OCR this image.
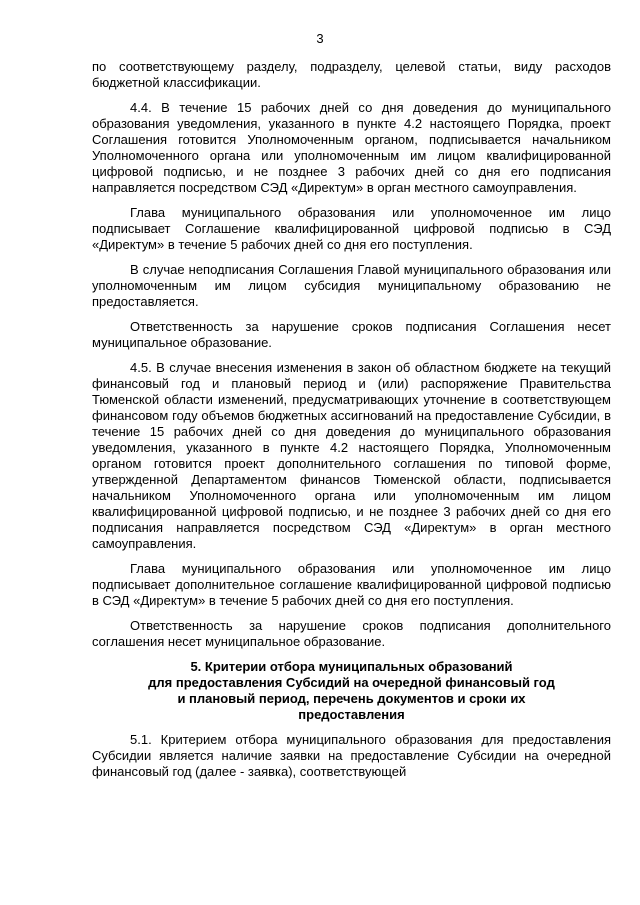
3

по соответствующему разделу, подразделу, целевой статьи, виду расходов бюджетной классификации.

4.4. В течение 15 рабочих дней со дня доведения до муниципального образования уведомления, указанного в пункте 4.2 настоящего Порядка, проект Соглашения готовится Уполномоченным органом, подписывается начальником Уполномоченного органа или уполномоченным им лицом квалифицированной цифровой подписью, и не позднее 3 рабочих дней со дня его подписания направляется посредством СЭД «Директум» в орган местного самоуправления.

Глава муниципального образования или уполномоченное им лицо подписывает Соглашение квалифицированной цифровой подписью в СЭД «Директум» в течение 5 рабочих дней со дня его поступления.

В случае неподписания Соглашения Главой муниципального образования или уполномоченным им лицом субсидия муниципальному образованию не предоставляется.

Ответственность за нарушение сроков подписания Соглашения несет муниципальное образование.

4.5. В случае внесения изменения в закон об областном бюджете на текущий финансовый год и плановый период и (или) распоряжение Правительства Тюменской области изменений, предусматривающих уточнение в соответствующем финансовом году объемов бюджетных ассигнований на предоставление Субсидии, в течение 15 рабочих дней со дня доведения до муниципального образования уведомления, указанного в пункте 4.2 настоящего Порядка, Уполномоченным органом готовится проект дополнительного соглашения по типовой форме, утвержденной Департаментом финансов Тюменской области, подписывается начальником Уполномоченного органа или уполномоченным им лицом квалифицированной цифровой подписью, и не позднее 3 рабочих дней со дня его подписания направляется посредством СЭД «Директум» в орган местного самоуправления.

Глава муниципального образования или уполномоченное им лицо подписывает дополнительное соглашение квалифицированной цифровой подписью в СЭД «Директум» в течение 5 рабочих дней со дня его поступления.

Ответственность за нарушение сроков подписания дополнительного соглашения несет муниципальное образование.

5. Критерии отбора муниципальных образований
для предоставления Субсидий на очередной финансовый год
и плановый период, перечень документов и сроки их
предоставления

5.1. Критерием отбора муниципального образования для предоставления Субсидии является наличие заявки на предоставление Субсидии на очередной финансовый год (далее - заявка), соответствующей
